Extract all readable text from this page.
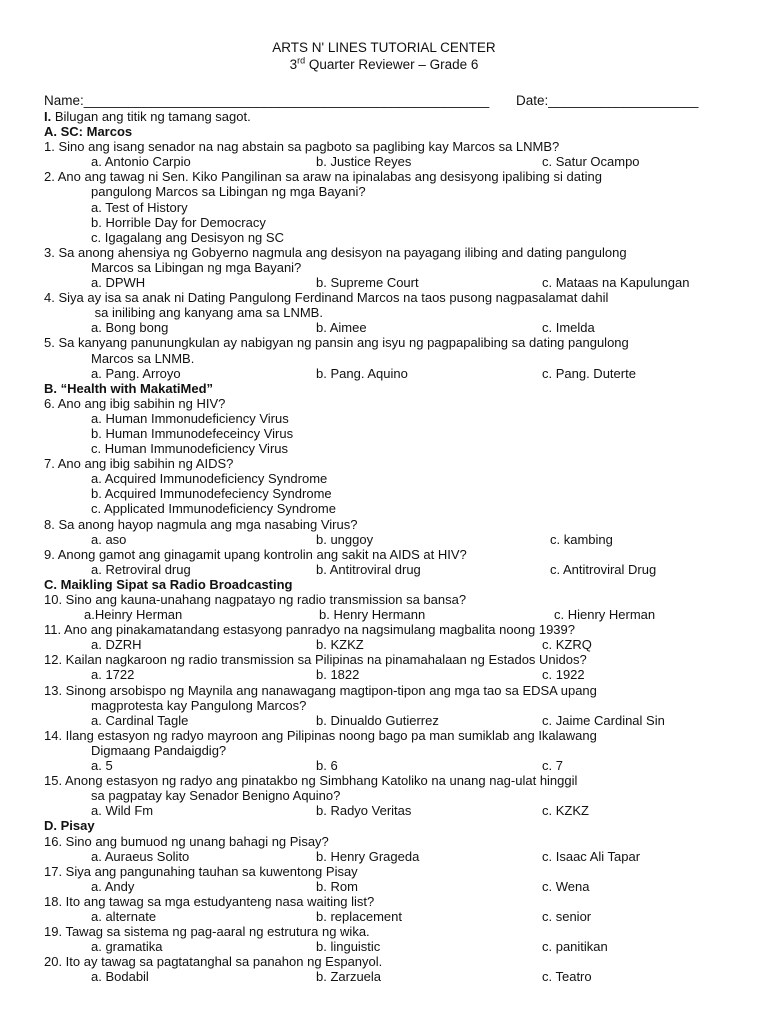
ARTS N' LINES TUTORIAL CENTER
3rd Quarter Reviewer – Grade 6
Name:______________________________________________________ Date:____________________
I. Bilugan ang titik ng tamang sagot.
A. SC: Marcos
1. Sino ang isang senador na nag abstain sa pagboto sa paglibing kay Marcos sa LNMB?
a. Antonio Carpio	b. Justice Reyes	c. Satur Ocampo
2. Ano ang tawag ni Sen. Kiko Pangilinan sa araw na ipinalabas ang desisyong ipalibing si dating
pangulong Marcos sa Libingan ng mga Bayani?
a. Test of History
b. Horrible Day for Democracy
c. Igagalang ang Desisyon ng SC
3. Sa anong ahensiya ng Gobyerno nagmula ang desisyon na payagang ilibing and dating pangulong
Marcos sa Libingan ng mga Bayani?
a. DPWH	b. Supreme Court	c. Mataas na Kapulungan
4. Siya ay isa sa anak ni Dating Pangulong Ferdinand Marcos na taos pusong nagpasalamat dahil
sa inilibing ang kanyang ama sa LNMB.
a. Bong bong	b. Aimee	c. Imelda
5. Sa kanyang panunungkulan ay nabigyan ng pansin ang isyu ng pagpapalibing sa dating pangulong
Marcos sa LNMB.
a. Pang. Arroyo	b. Pang. Aquino	c. Pang. Duterte
B. “Health with MakatiMed”
6. Ano ang ibig sabihin ng HIV?
a. Human Immonudeficiency Virus
b. Human Immunodefeceincy Virus
c. Human Immunodeficiency Virus
7. Ano ang ibig sabihin ng AIDS?
a. Acquired Immunodeficiency Syndrome
b. Acquired Immunodefeciency Syndrome
c. Applicated Immunodeficiency Syndrome
8. Sa anong hayop nagmula ang mga nasabing Virus?
a. aso	b. unggoy	c. kambing
9. Anong gamot ang ginagamit upang kontrolin ang sakit na AIDS at HIV?
a. Retroviral drug	b. Antitroviral drug	c. Antitroviral Drug
C. Maikling Sipat sa Radio Broadcasting
10. Sino ang kauna-unahang nagpatayo ng radio transmission sa bansa?
a.Heinry Herman	b. Henry Hermann	c. Hienry Herman
11. Ano ang pinakamatandang estasyong panradyo na nagsimulang magbalita noong 1939?
a. DZRH	b. KZKZ	c. KZRQ
12. Kailan nagkaroon ng radio transmission sa Pilipinas na pinamahalaan ng Estados Unidos?
a. 1722	b. 1822	c. 1922
13. Sinong arsobispo ng Maynila ang nanawagang magtipon-tipon ang mga tao sa EDSA upang
magprotesta kay Pangulong Marcos?
a. Cardinal Tagle	b. Dinualdo Gutierrez	c. Jaime Cardinal Sin
14. Ilang estasyon ng radyo mayroon ang Pilipinas noong bago pa man sumiklab ang Ikalawang
Digmaang Pandaigdig?
a. 5	b. 6	c. 7
15. Anong estasyon ng radyo ang pinatakbo ng Simbhang Katoliko na unang nag-ulat hinggil
sa pagpatay kay Senador Benigno Aquino?
a. Wild Fm	b. Radyo Veritas	c. KZKZ
D. Pisay
16. Sino ang bumuod ng unang bahagi ng Pisay?
a. Auraeus Solito	b. Henry Grageda	c. Isaac Ali Tapar
17. Siya ang pangunahing tauhan sa kuwentong Pisay
a. Andy	b. Rom	c. Wena
18. Ito ang tawag sa mga estudyanteng nasa waiting list?
a. alternate	b. replacement	c. senior
19. Tawag sa sistema ng pag-aaral ng estrutura ng wika.
a. gramatika	b. linguistic	c. panitikan
20. Ito ay tawag sa pagtatanghal sa panahon ng Espanyol.
a. Bodabil	b. Zarzuela	c. Teatro
